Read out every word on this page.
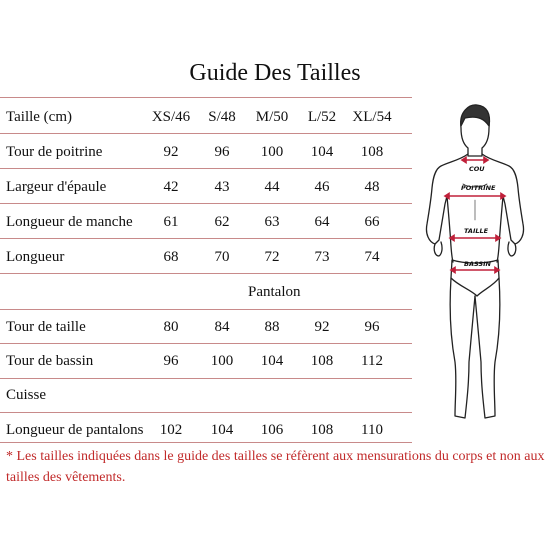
Guide Des Tailles
Taille (cm)	XS/46	S/48	M/50	L/52	XL/54
Tour de poitrine	92	96	100	104	108
Largeur d'épaule	42	43	44	46	48
Longueur de manche	61	62	63	64	66
Longueur	68	70	72	73	74
Pantalon
Tour de taille	80	84	88	92	96
Tour de bassin	96	100	104	108	112
Cuisse
Longueur de pantalons	102	104	106	108	110
* Les tailles indiquées dans le guide des tailles se réfèrent aux mensurations du corps et non aux tailles des vêtements.
COU
POITRINE
TAILLE
BASSIN
